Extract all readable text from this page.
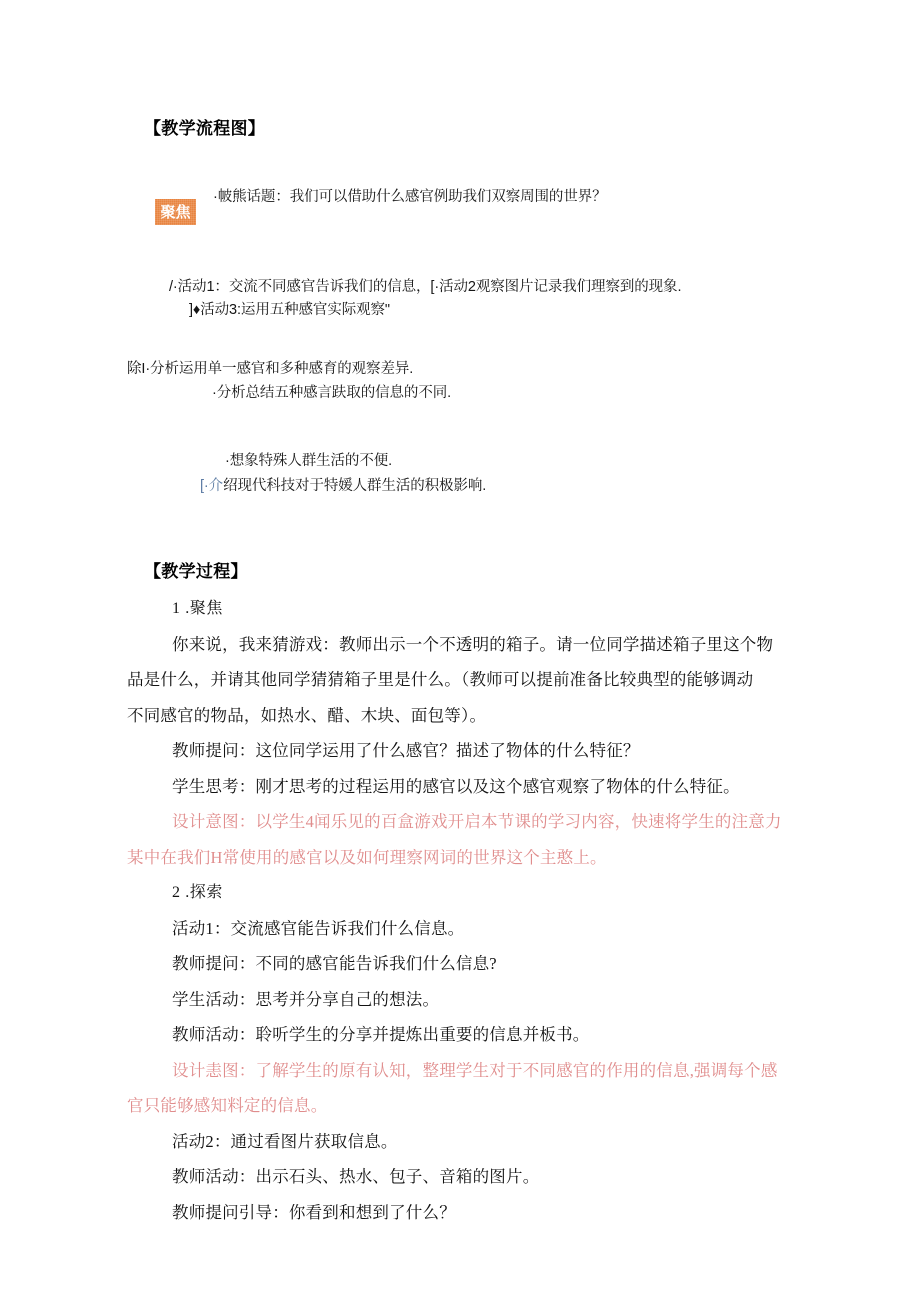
【教学流程图】
聚焦
·帔熊话题：我们可以借助什么感官例助我们双察周围的世界？
/·活动1：交流不同感官告诉我们的信息，[·活动2观察图片记录我们理察到的现象.
]♦活动3:运用五种感官实际观察"
除I·分析运用单一感官和多种感育的观察差异.
·分析总结五种感言趺取的信息的不同.
·想象特殊人群生活的不便.
[·介绍现代科技对于特媛人群生活的积极影响.
【教学过程】
1 .聚焦
你来说，我来猜游戏：教师出示一个不透明的箱子。请一位同学描述箱子里这个物
品是什么，并请其他同学猜猜箱子里是什么。（教师可以提前准备比较典型的能够调动
不同感官的物品，如热水、醋、木块、面包等）。
教师提问：这位同学运用了什么感官？描述了物体的什么特征？
学生思考：刚才思考的过程运用的感官以及这个感官观察了物体的什么特征。
设计意图：以学生4闻乐见的百盒游戏开启本节课的学习内容，快速将学生的注意力
某中在我们H常使用的感官以及如何理察网词的世界这个主憨上。
2 .探索
活动1：交流感官能告诉我们什么信息。
教师提问：不同的感官能告诉我们什么信息?
学生活动：思考并分享自己的想法。
教师活动：聆听学生的分享并提炼出重要的信息并板书。
设计恚图：了解学生的原有认知，整理学生对于不同感官的作用的信息,强调每个感
官只能够感知料定的信息。
活动2：通过看图片获取信息。
教师活动：出示石头、热水、包子、音箱的图片。
教师提问引导：你看到和想到了什么？
